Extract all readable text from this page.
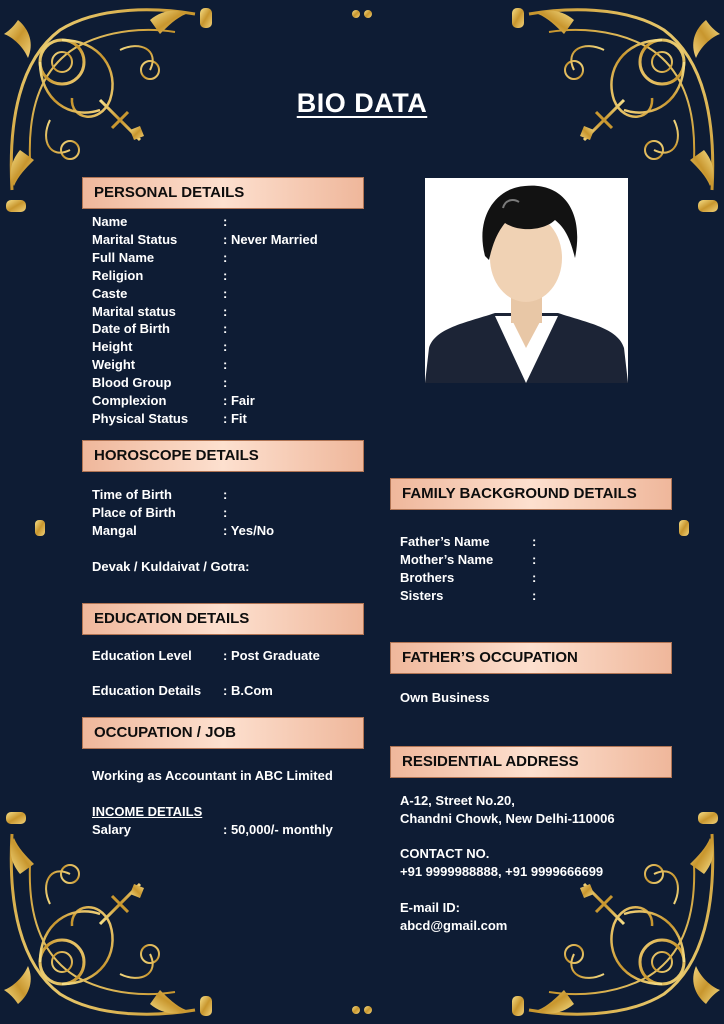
BIO DATA
PERSONAL DETAILS
Name	:
Marital Status	: Never Married
Full Name	:
Religion	:
Caste	:
Marital status	:
Date of Birth	:
Height	:
Weight	:
Blood Group	:
Complexion	: Fair
Physical Status	: Fit
HOROSCOPE DETAILS
Time of Birth	:
Place of Birth	:
Mangal	: Yes/No
Devak / Kuldaivat / Gotra:
EDUCATION DETAILS
Education Level : Post Graduate
Education Details : B.Com
OCCUPATION / JOB
Working as Accountant in ABC Limited
INCOME DETAILS
Salary	: 50,000/- monthly
FAMILY BACKGROUND DETAILS
Father’s Name	:
Mother’s Name	:
Brothers	:
Sisters	:
FATHER’S OCCUPATION
Own Business
RESIDENTIAL ADDRESS
A-12, Street No.20,
Chandni Chowk, New Delhi-110006
CONTACT NO.
+91 9999988888, +91 9999666699
E-mail ID:
abcd@gmail.com
